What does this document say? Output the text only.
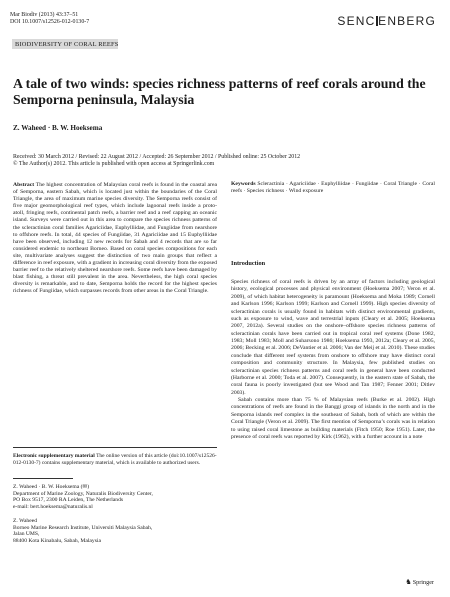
Mar Biodiv (2013) 43:37–51
DOI 10.1007/s12526-012-0130-7	SENC ENBERG
BIODIVERSITY OF CORAL REEFS
A tale of two winds: species richness patterns of reef corals around the Semporna peninsula, Malaysia
Z. Waheed · B. W. Hoeksema
Received: 30 March 2012 / Revised: 22 August 2012 / Accepted: 26 September 2012 / Published online: 25 October 2012
© The Author(s) 2012. This article is published with open access at Springerlink.com
Abstract The highest concentration of Malaysian coral reefs is found in the coastal area of Semporna, eastern Sabah, which is located just within the boundaries of the Coral Triangle, the area of maximum marine species diversity. The Semporna reefs consist of five major geomorphological reef types, which include lagoonal reefs inside a proto-atoll, fringing reefs, continental patch reefs, a barrier reef and a reef capping an oceanic island. Surveys were carried out in this area to compare the species richness patterns of the scleractinian coral families Agariciidae, Euphylliidae, and Fungiidae from nearshore to offshore reefs. In total, 44 species of Fungiidae, 31 Agariciidae and 15 Euphylliidae have been observed, including 12 new records for Sabah and 4 records that are so far considered endemic to northeast Borneo. Based on coral species compositions for each site, multivariate analyses suggest the distinction of two main groups that reflect a difference in reef exposure, with a gradient in increasing coral diversity from the exposed barrier reef to the relatively sheltered nearshore reefs. Some reefs have been damaged by blast fishing, a threat still prevalent in the area. Nevertheless, the high coral species diversity is remarkable, and to date, Semporna holds the record for the highest species richness of Fungiidae, which surpasses records from other areas in the Coral Triangle.
Electronic supplementary material The online version of this article (doi:10.1007/s12526-012-0130-7) contains supplementary material, which is available to authorized users.
Z. Waheed · B. W. Hoeksema (✉)
Department of Marine Zoology, Naturalis Biodiversity Center,
PO Box 9517, 2300 RA Leiden, The Netherlands
e-mail: bert.hoeksema@naturalis.nl
Z. Waheed
Borneo Marine Research Institute, Universiti Malaysia Sabah,
Jalan UMS,
88400 Kota Kinabalu, Sabah, Malaysia
Keywords Scleractinia · Agariciidae · Euphylliidae · Fungiidae · Coral Triangle · Coral reefs · Species richness · Wind exposure
Introduction

Species richness of coral reefs is driven by an array of factors including geological history, ecological processes and physical environment (Hoeksema 2007; Veron et al. 2009), of which habitat heterogeneity is paramount (Hoeksema and Moka 1989; Cornell and Karlson 1996; Karlson 1999; Karlson and Cornell 1999). High species diversity of scleractinian corals is usually found in habitats with distinct environmental gradients, such as exposure to wind, wave and terrestrial inputs (Cleary et al. 2005; Hoeksema 2007, 2012a). Several studies on the onshore–offshore species richness patterns of scleractinian corals have been carried out in tropical coral reef systems (Done 1982, 1983; Moll 1983; Moll and Suharsono 1986; Hoeksema 1993, 2012a; Cleary et al. 2005, 2006; Becking et al. 2006; DeVantier et al. 2006; Van der Meij et al. 2010). These studies conclude that different reef systems from onshore to offshore may have distinct coral composition and community structure. In Malaysia, few published studies on scleractinian species richness patterns and coral reefs in general have been conducted (Harborne et al. 2000; Toda et al. 2007). Consequently, in the eastern state of Sabah, the coral fauna is poorly investigated (but see Wood and Tan 1987; Fenner 2001; Ditlev 2003).

Sabah contains more than 75 % of Malaysian reefs (Burke et al. 2002). High concentrations of reefs are found in the Banggi group of islands in the north and in the Semporna islands reef complex in the southeast of Sabah, both of which are within the Coral Triangle (Veron et al. 2009). The first mention of Semporna’s corals was in relation to using raised coral limestone as building materials (Fitch 1950; Roe 1951). Later, the presence of coral reefs was reported by Kirk (1962), with a further account in a note

♞Springer
